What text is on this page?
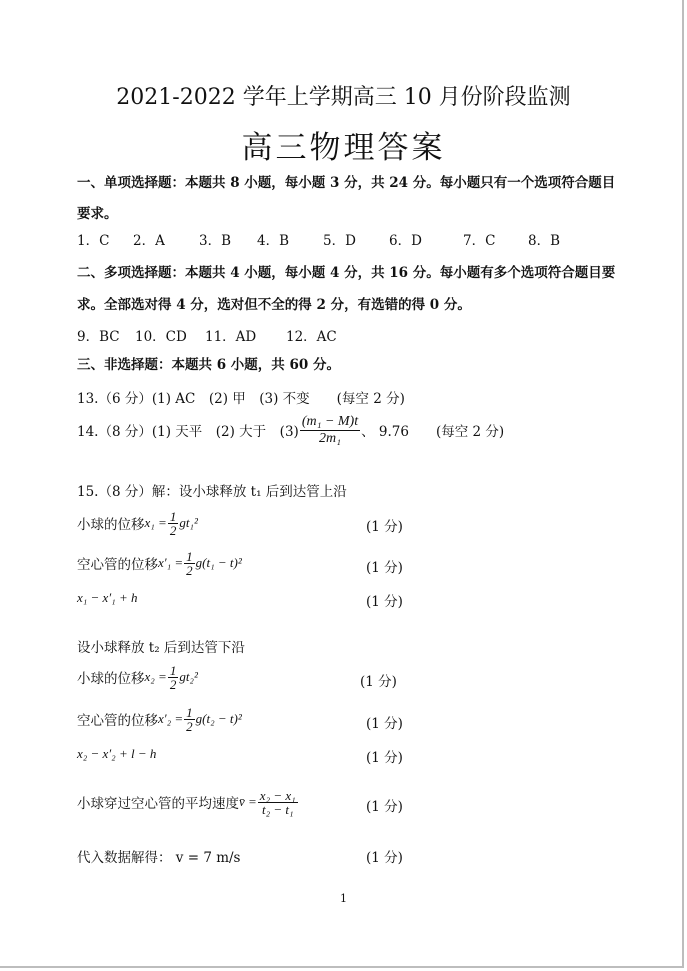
2021-2022 学年上学期高三 10 月份阶段监测
高三物理答案
一、单项选择题：本题共 8 小题，每小题 3 分，共 24 分。每小题只有一个选项符合题目
要求。
1．C 2．A	3．B 4．B	5．D 6．D	7．C 8．B
二、多项选择题：本题共 4 小题，每小题 4 分，共 16 分。每小题有多个选项符合题目要
求。全部选对得 4 分，选对但不全的得 2 分，有选错的得 0 分。
9．BC 10．CD 11．AD 12．AC
三、非选择题：本题共 6 小题，共 60 分。
13.（6 分）(1) AC　(2) 甲　(3) 不变　　(每空 2 分)
14.（8 分）(1) 天平　(2) 大于　$(3) \frac{\text{(m₁ − M)t}}{\text{2m₁}}$ 、 9.76　　(每空 2 分)
15.（8 分）解：设小球释放 t₁ 后到达管上沿
小球的位移 $x_1 = \frac{1}{2} gt_1^2$	(1 分)
空心管的位移 $x'_1 = \frac{1}{2} g(t_1 - t)^2$	(1 分)
x₁ − x′₁ + h	(1 分)
设小球释放 t₂ 后到达管下沿
小球的位移 $x_2 = \frac{1}{2} gt_2^2$	(1 分)
空心管的位移 $x'_2 = \frac{1}{2} g(t_2 - t)^2$	(1 分)
x₂ − x′₂ + l − h	(1 分)
小球穿过空心管的平均速度 v̄ = $\frac{\text{x₂ − x₁}}{\text{t₂ − t₁}}$	(1 分)
代入数据解得： v = 7 m/s	(1 分)
1
